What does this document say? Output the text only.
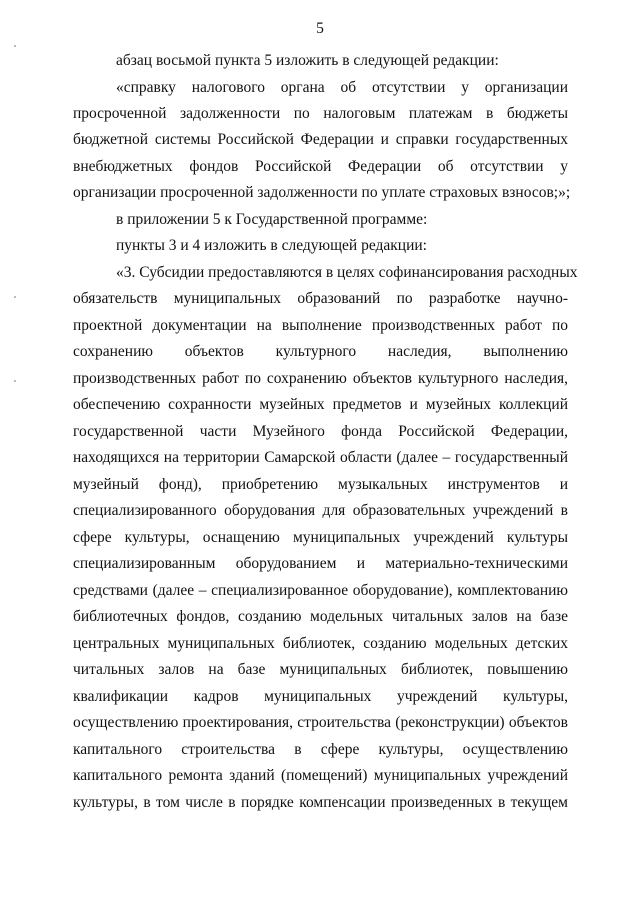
5
абзац восьмой пункта 5 изложить в следующей редакции:
«справку налогового органа об отсутствии у организации
просроченной задолженности по налоговым платежам в бюджеты
бюджетной системы Российской Федерации и справки государственных
внебюджетных фондов Российской Федерации об отсутствии у
организации просроченной задолженности по уплате страховых взносов;»;
в приложении 5 к Государственной программе:
пункты 3 и 4 изложить в следующей редакции:
«3. Субсидии предоставляются в целях софинансирования расходных
обязательств муниципальных образований по разработке научно-
проектной документации на выполнение производственных работ по
сохранению объектов культурного наследия, выполнению
производственных работ по сохранению объектов культурного наследия,
обеспечению сохранности музейных предметов и музейных коллекций
государственной части Музейного фонда Российской Федерации,
находящихся на территории Самарской области (далее – государственный
музейный фонд), приобретению музыкальных инструментов и
специализированного оборудования для образовательных учреждений в
сфере культуры, оснащению муниципальных учреждений культуры
специализированным оборудованием и материально-техническими
средствами (далее – специализированное оборудование), комплектованию
библиотечных фондов, созданию модельных читальных залов на базе
центральных муниципальных библиотек, созданию модельных детских
читальных залов на базе муниципальных библиотек, повышению
квалификации кадров муниципальных учреждений культуры,
осуществлению проектирования, строительства (реконструкции) объектов
капитального строительства в сфере культуры, осуществлению
капитального ремонта зданий (помещений) муниципальных учреждений
культуры, в том числе в порядке компенсации произведенных в текущем
